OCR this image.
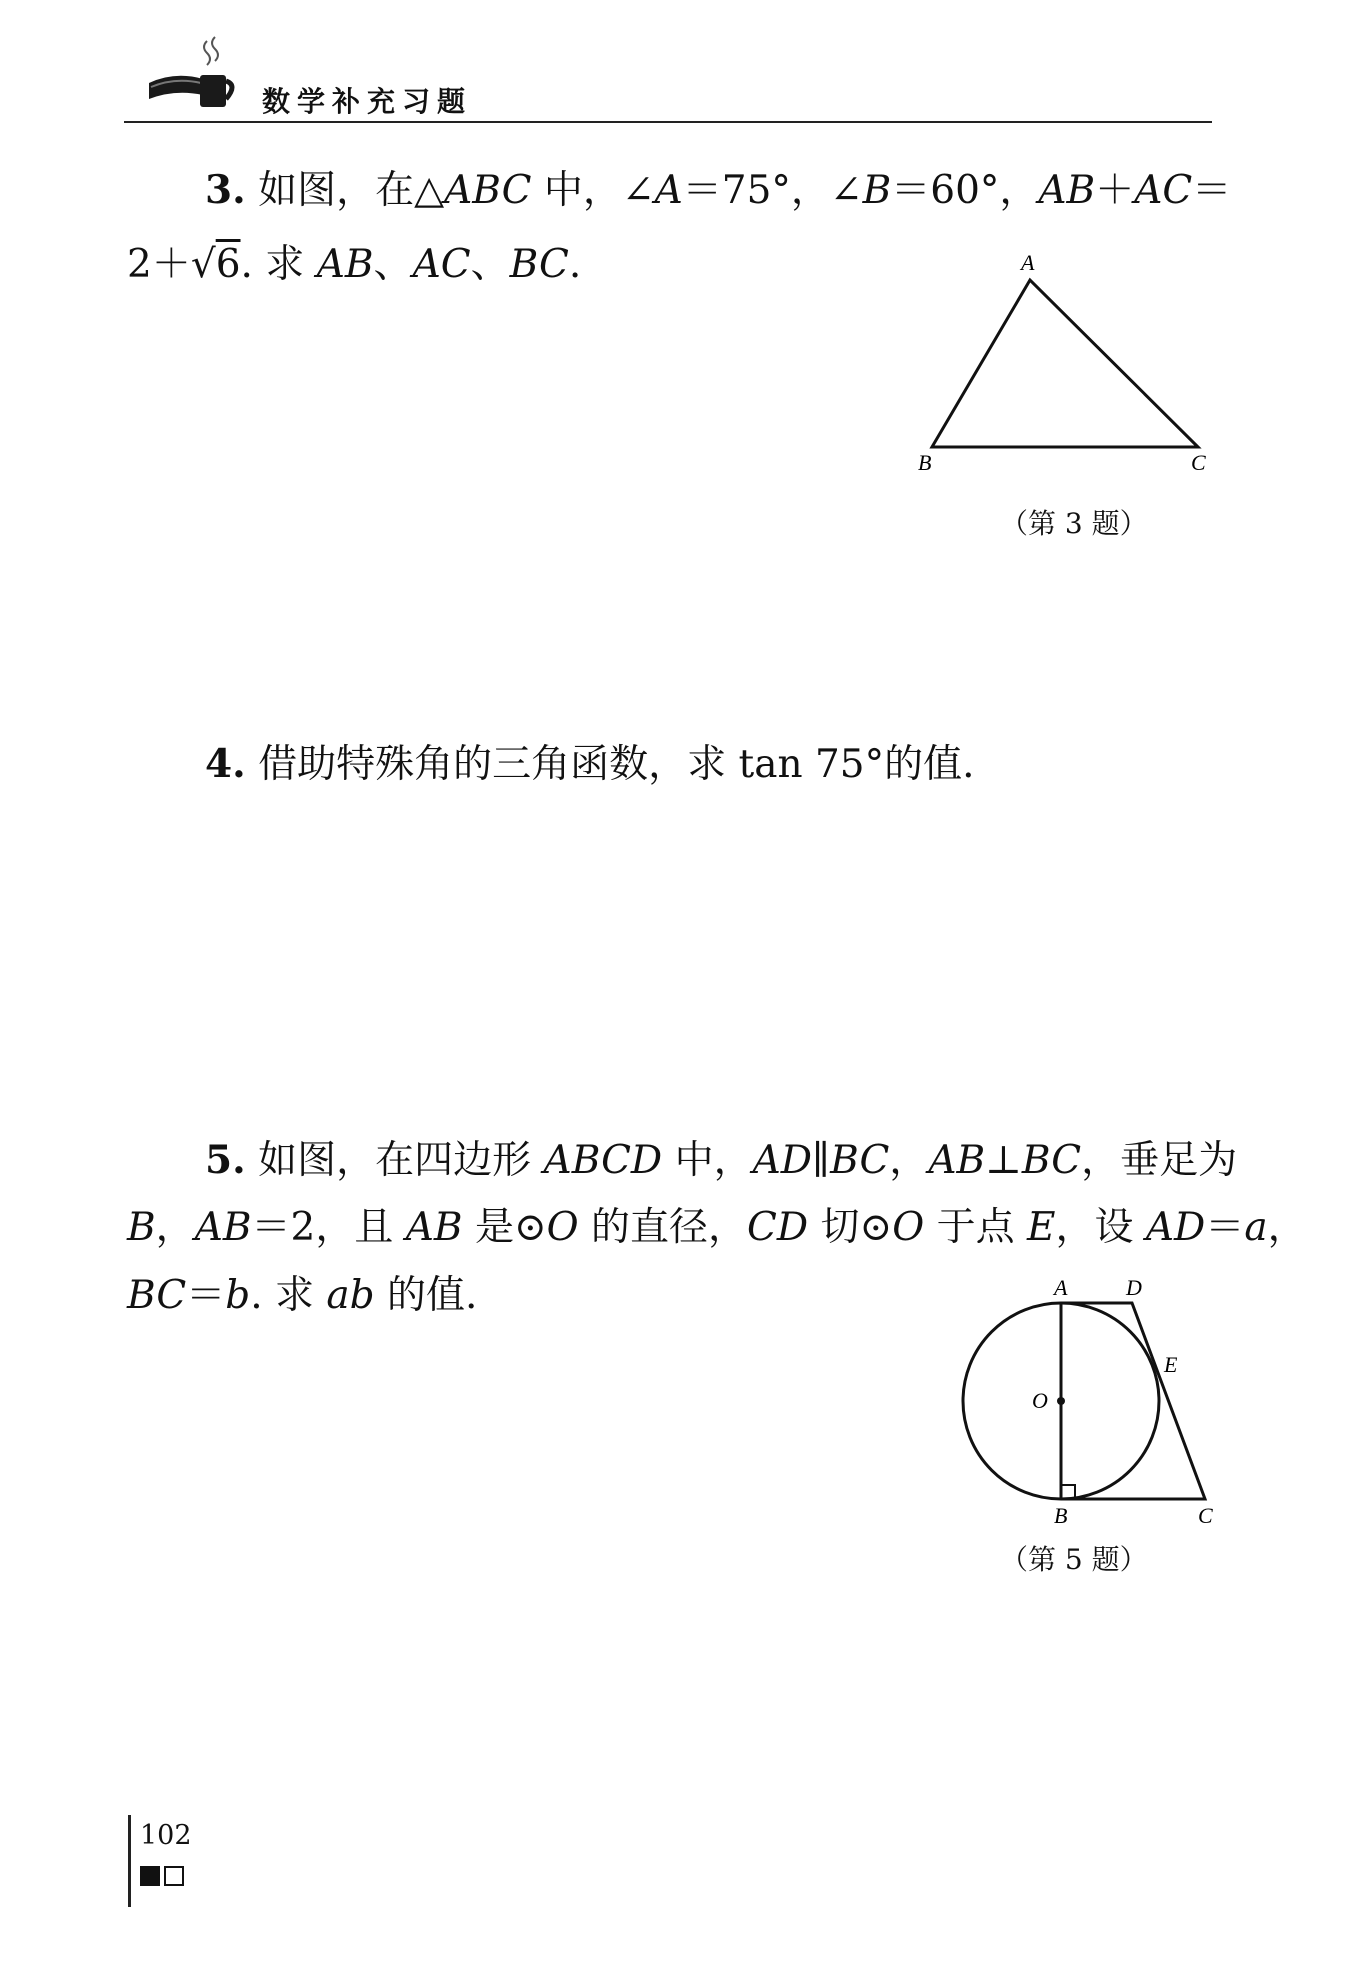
数学补充习题
3. 如图，在△ABC 中，∠A＝75°，∠B＝60°，AB＋AC＝
2＋√6. 求 AB、AC、BC.	A
B	C
（第 3 题）
4. 借助特殊角的三角函数，求 tan 75°的值.
5. 如图，在四边形 ABCD 中，AD∥BC，AB⊥BC，垂足为
B，AB＝2，且 AB 是⊙O 的直径，CD 切⊙O 于点 E，设 AD＝a，
BC＝b. 求 ab 的值.	A	D
E
O
B	C
（第 5 题）
102
